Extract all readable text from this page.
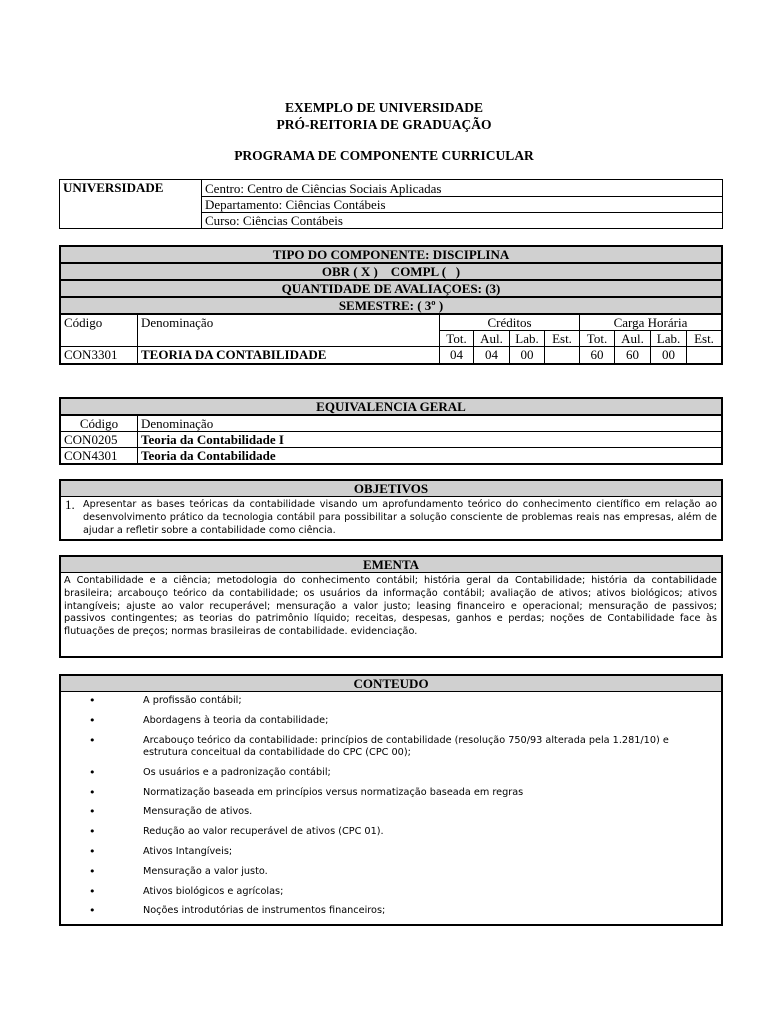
EXEMPLO DE UNIVERSIDADE
PRÓ-REITORIA DE GRADUAÇÃO
PROGRAMA DE COMPONENTE CURRICULAR
UNIVERSIDADE	Centro: Centro de Ciências Sociais Aplicadas
Departamento: Ciências Contábeis
Curso: Ciências Contábeis
TIPO DO COMPONENTE: DISCIPLINA									
OBR ( X )    COMPL (   )									
QUANTIDADE DE AVALIAÇOES: (3)									
SEMESTRE: ( 3º )									
Código	Denominação	Créditos				Carga Horária			
		Tot.	Aul.	Lab.	Est.	Tot.	Aul.	Lab.	Est.
CON3301	TEORIA DA CONTABILIDADE	04	04	00		60	60	00	
EQUIVALENCIA GERAL	
Código	Denominação
CON0205	Teoria da Contabilidade I
CON4301	Teoria da Contabilidade
OBJETIVOS
1. Apresentar as bases teóricas da contabilidade visando um aprofundamento teórico do conhecimento científico em relação ao desenvolvimento prático da tecnologia contábil para possibilitar a solução consciente de problemas reais nas empresas, além de ajudar a refletir sobre a contabilidade como ciência.
EMENTA
A Contabilidade e a ciência; metodologia do conhecimento contábil; história geral da Contabilidade; história da contabilidade brasileira; arcabouço teórico da contabilidade; os usuários da informação contábil; avaliação de ativos; ativos biológicos; ativos intangíveis; ajuste ao valor recuperável; mensuração a valor justo; leasing financeiro e operacional; mensuração de passivos; passivos contingentes; as teorias do patrimônio líquido; receitas, despesas, ganhos e perdas; noções de Contabilidade face às flutuações de preços; normas brasileiras de contabilidade. evidenciação.
CONTEUDO
•	A profissão contábil;
•	Abordagens à teoria da contabilidade;
•	Arcabouço teórico da contabilidade: princípios de contabilidade (resolução 750/93 alterada pela 1.281/10) e estrutura conceitual da contabilidade do CPC (CPC 00);
•	Os usuários e a padronização contábil;
•	Normatização baseada em princípios versus normatização baseada em regras
•	Mensuração de ativos.
•	Redução ao valor recuperável de ativos (CPC 01).
•	Ativos Intangíveis;
•	Mensuração a valor justo.
•	Ativos biológicos e agrícolas;
•	Noções introdutórias de instrumentos financeiros;
